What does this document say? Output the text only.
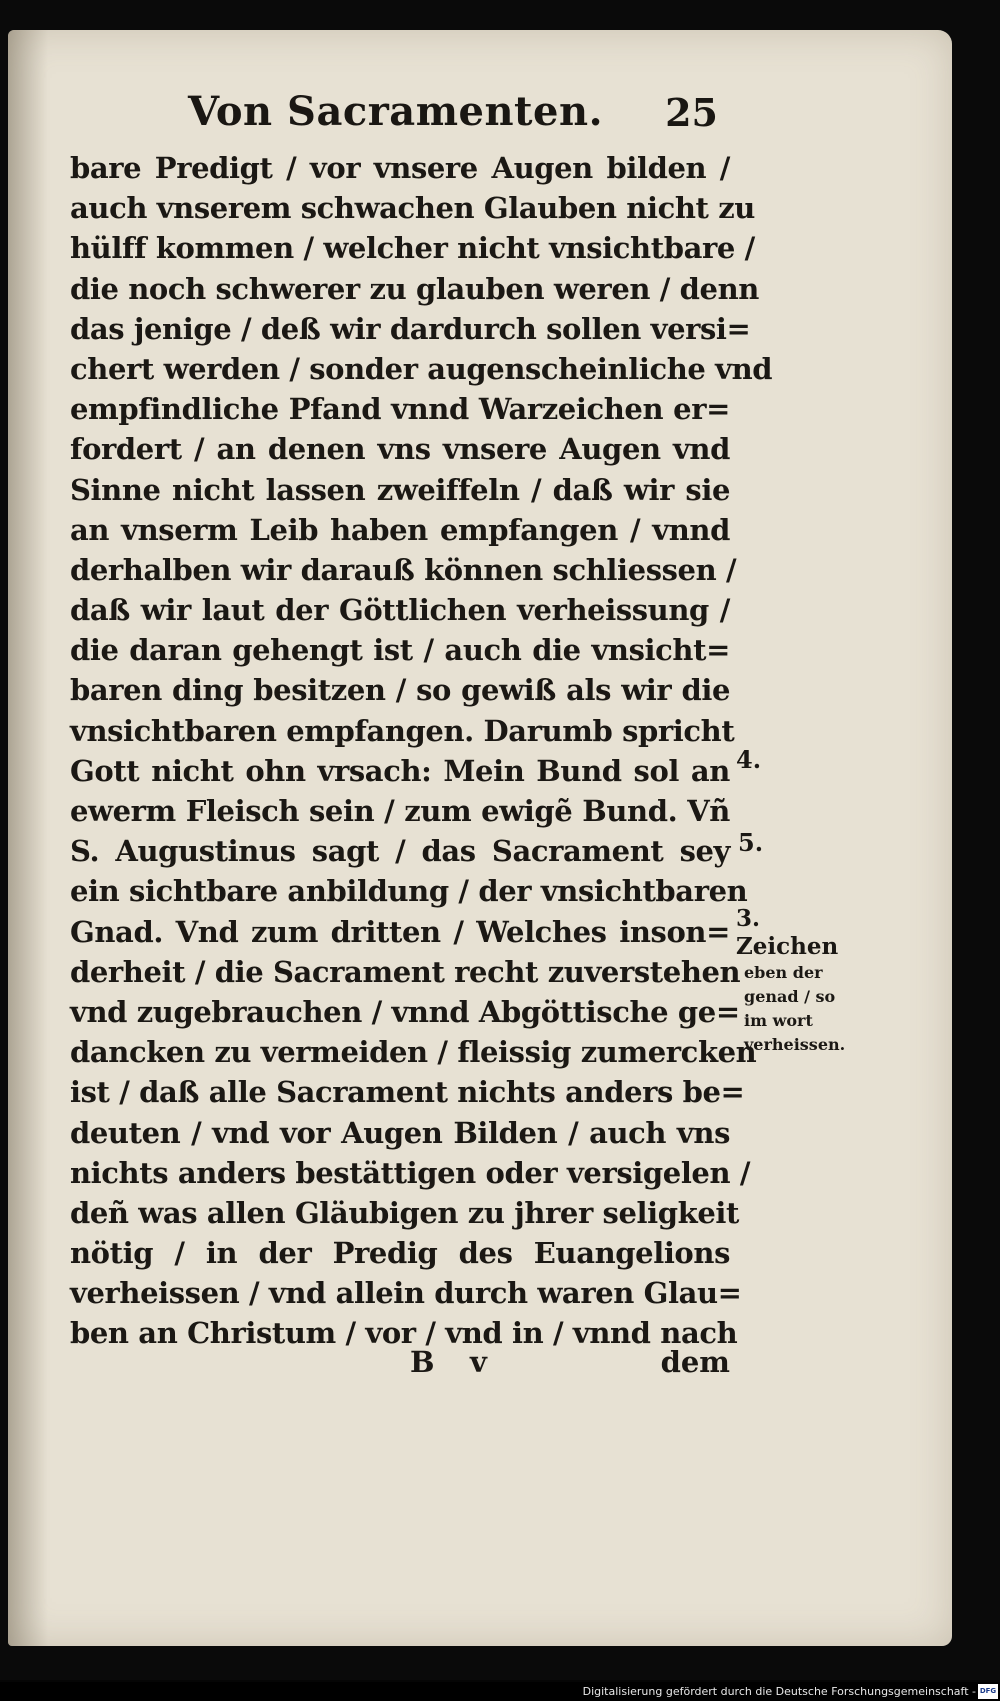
Von Sacramenten. 25
bare Predigt / vor vnsere Augen bilden /
auch vnserem schwachen Glauben nicht zu
hülff kommen / welcher nicht vnsichtbare /
die noch schwerer zu glauben weren / denn
das jenige / deß wir dardurch sollen versi=
chert werden / sonder augenscheinliche vnd
empfindliche Pfand vnnd Warzeichen er=
fordert / an denen vns vnsere Augen vnd
Sinne nicht lassen zweiffeln / daß wir sie
an vnserm Leib haben empfangen / vnnd
derhalben wir darauß können schliessen /
daß wir laut der Göttlichen verheissung /
die daran gehengt ist / auch die vnsicht=
baren ding besitzen / so gewiß als wir die
vnsichtbaren empfangen. Darumb spricht
Gott nicht ohn vrsach: Mein Bund sol an
ewerm Fleisch sein / zum ewigẽ Bund. Vñ
S. Augustinus sagt / das Sacrament sey
ein sichtbare anbildung / der vnsichtbaren
Gnad. Vnd zum dritten / Welches inson=
derheit / die Sacrament recht zuverstehen
vnd zugebrauchen / vnnd Abgöttische ge=
dancken zu vermeiden / fleissig zumercken
ist / daß alle Sacrament nichts anders be=
deuten / vnd vor Augen Bilden / auch vns
nichts anders bestättigen oder versigelen /
deñ was allen Gläubigen zu jhrer seligkeit
nötig / in der Predig des Euangelions
verheissen / vnd allein durch waren Glau=
ben an Christum / vor / vnd in / vnnd nach
B v	dem
4.
5.
3. Zeichen
eben der
genad / so
im wort
verheissen.
Digitalisierung gefördert durch die Deutsche Forschungsgemeinschaft - DFG
